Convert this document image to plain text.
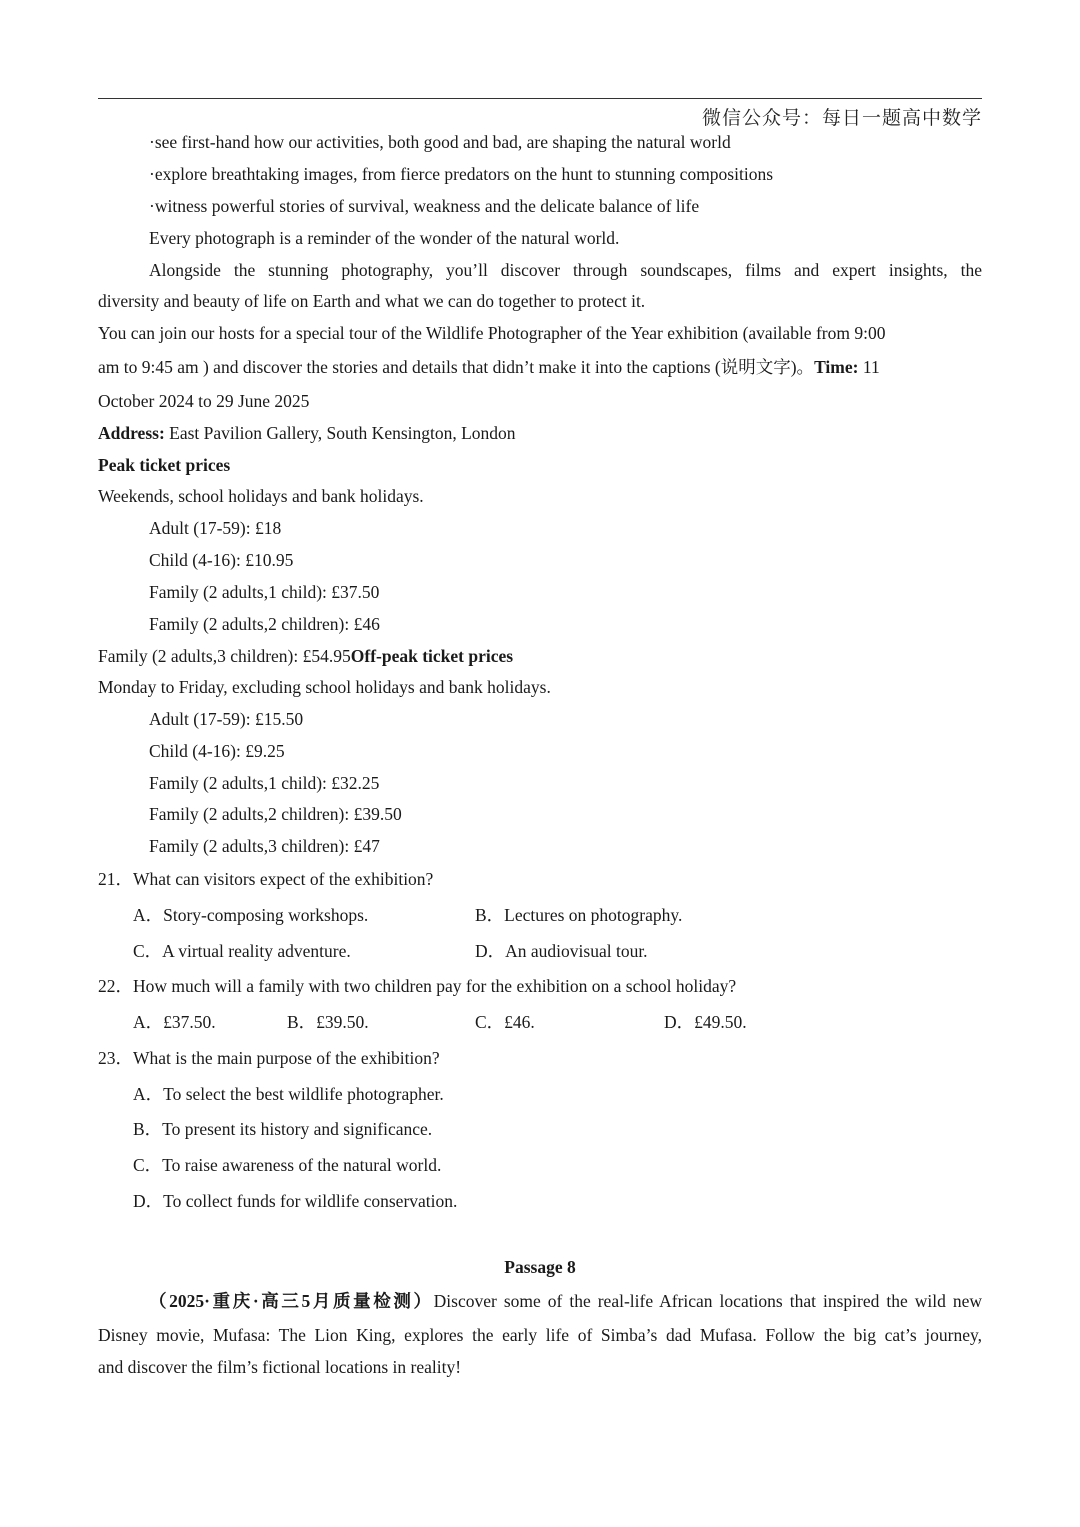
微信公众号：每日一题高中数学
·see first-hand how our activities, both good and bad, are shaping the natural world
·explore breathtaking images, from fierce predators on the hunt to stunning compositions
·witness powerful stories of survival, weakness and the delicate balance of life
Every photograph is a reminder of the wonder of the natural world.
Alongside the stunning photography, you’ll discover through soundscapes, films and expert insights, the
diversity and beauty of life on Earth and what we can do together to protect it.
You can join our hosts for a special tour of the Wildlife Photographer of the Year exhibition (available from 9:00
am to 9:45 am ) and discover the stories and details that didn’t make it into the captions (说明文字)。Time: 11
October 2024 to 29 June 2025
Address: East Pavilion Gallery, South Kensington, London
Peak ticket prices
Weekends, school holidays and bank holidays.
Adult (17-59): £18
Child (4-16): £10.95
Family (2 adults,1 child): £37.50
Family (2 adults,2 children): £46
Family (2 adults,3 children): £54.95Off-peak ticket prices
Monday to Friday, excluding school holidays and bank holidays.
Adult (17-59): £15.50
Child (4-16): £9.25
Family (2 adults,1 child): £32.25
Family (2 adults,2 children): £39.50
Family (2 adults,3 children): £47
21．What can visitors expect of the exhibition?
A．Story-composing workshops.	B．Lectures on photography.
C．A virtual reality adventure.	D．An audiovisual tour.
22．How much will a family with two children pay for the exhibition on a school holiday?
A．£37.50.	B．£39.50.	C．£46.	D．£49.50.
23．What is the main purpose of the exhibition?
A．To select the best wildlife photographer.
B．To present its history and significance.
C．To raise awareness of the natural world.
D．To collect funds for wildlife conservation.
Passage 8
（2025·重庆·高三5月质量检测）Discover some of the real-life African locations that inspired the wild new
Disney movie, Mufasa: The Lion King, explores the early life of Simba’s dad Mufasa. Follow the big cat’s journey,
and discover the film’s fictional locations in reality!
